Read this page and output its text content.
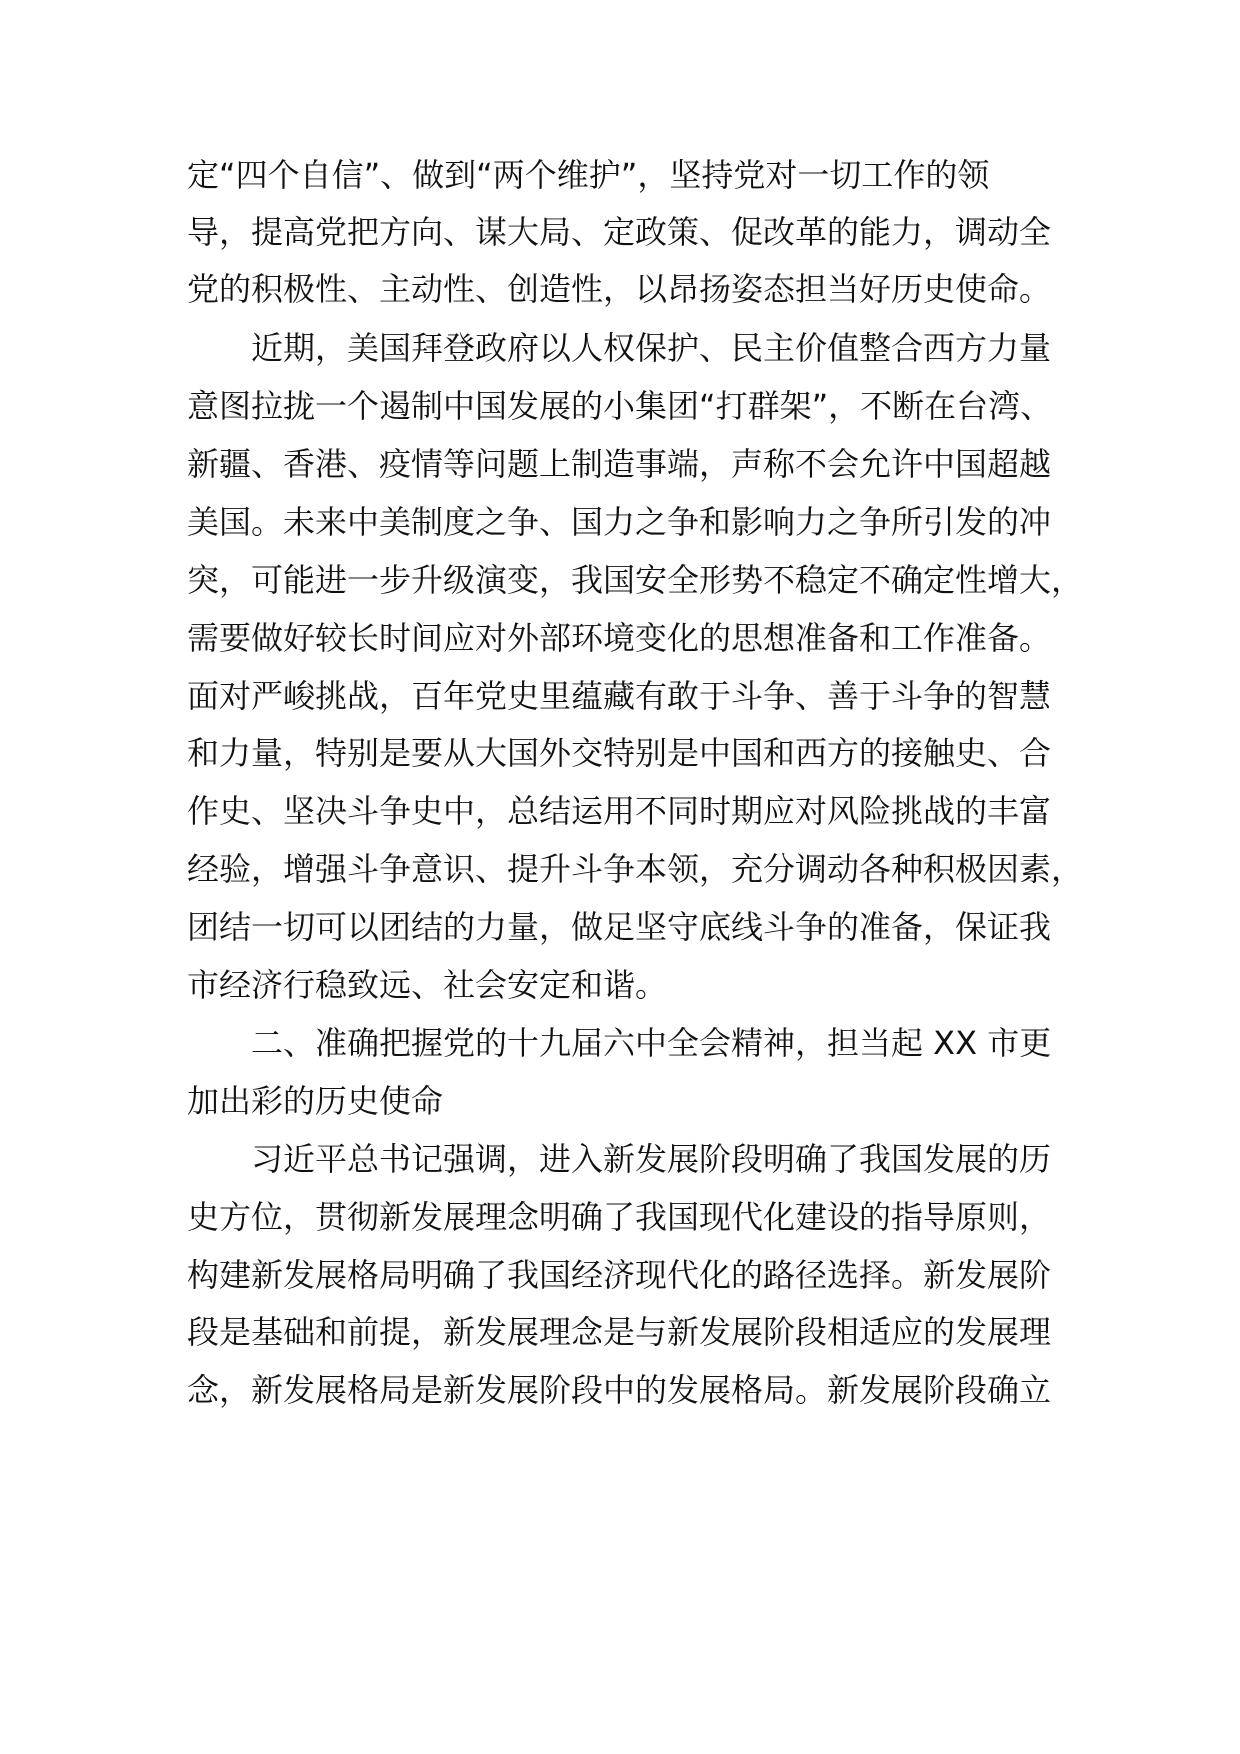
定“四个自信”、做到“两个维护”，坚持党对一切工作的领
导，提高党把方向、谋大局、定政策、促改革的能力，调动全
党的积极性、主动性、创造性，以昂扬姿态担当好历史使命。
　　近期，美国拜登政府以人权保护、民主价值整合西方力量
意图拉拢一个遏制中国发展的小集团“打群架”，不断在台湾、
新疆、香港、疫情等问题上制造事端，声称不会允许中国超越
美国。未来中美制度之争、国力之争和影响力之争所引发的冲
突，可能进一步升级演变，我国安全形势不稳定不确定性增大，
需要做好较长时间应对外部环境变化的思想准备和工作准备。
面对严峻挑战，百年党史里蕴藏有敢于斗争、善于斗争的智慧
和力量，特别是要从大国外交特别是中国和西方的接触史、合
作史、坚决斗争史中，总结运用不同时期应对风险挑战的丰富
经验，增强斗争意识、提升斗争本领，充分调动各种积极因素，
团结一切可以团结的力量，做足坚守底线斗争的准备，保证我
市经济行稳致远、社会安定和谐。
　　二、准确把握党的十九届六中全会精神，担当起 XX 市更
加出彩的历史使命
　　习近平总书记强调，进入新发展阶段明确了我国发展的历
史方位，贯彻新发展理念明确了我国现代化建设的指导原则，
构建新发展格局明确了我国经济现代化的路径选择。新发展阶
段是基础和前提，新发展理念是与新发展阶段相适应的发展理
念，新发展格局是新发展阶段中的发展格局。新发展阶段确立
